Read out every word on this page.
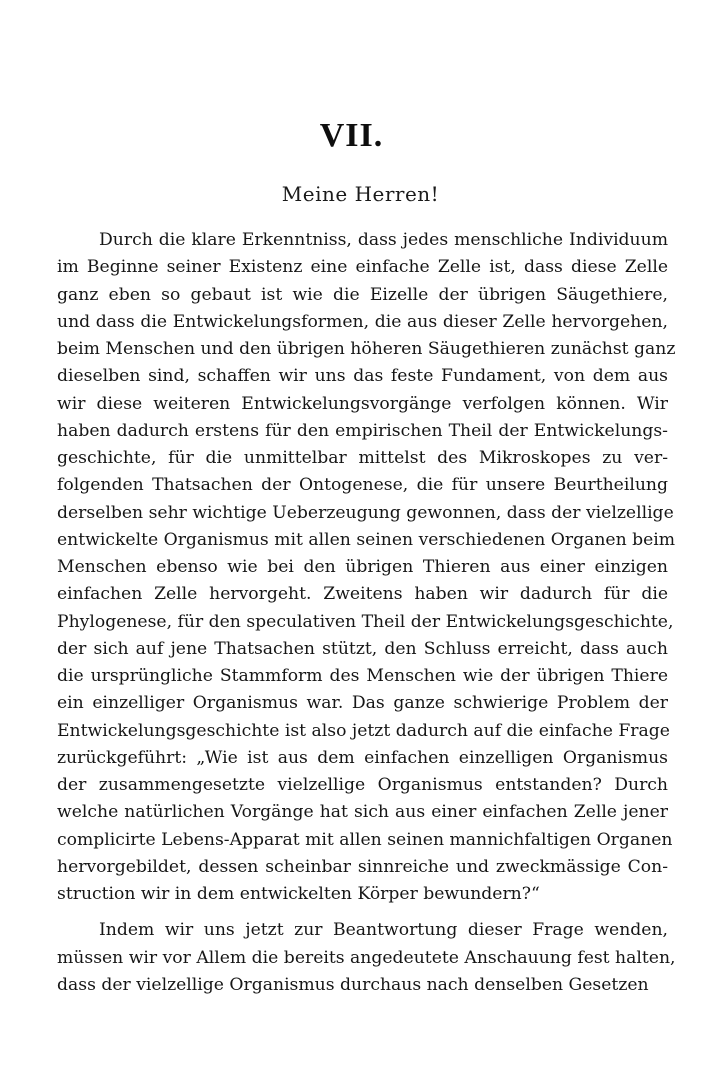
VII.
Meine Herren!
Durch die klare Erkenntniss, dass jedes menschliche Individuum
im Beginne seiner Existenz eine einfache Zelle ist, dass diese Zelle
ganz eben so gebaut ist wie die Eizelle der übrigen Säugethiere,
und dass die Entwickelungsformen, die aus dieser Zelle hervorgehen,
beim Menschen und den übrigen höheren Säugethieren zunächst ganz
dieselben sind, schaffen wir uns das feste Fundament, von dem aus
wir diese weiteren Entwickelungsvorgänge verfolgen können. Wir
haben dadurch erstens für den empirischen Theil der Entwickelungs-
geschichte, für die unmittelbar mittelst des Mikroskopes zu ver-
folgenden Thatsachen der Ontogenese, die für unsere Beurtheilung
derselben sehr wichtige Ueberzeugung gewonnen, dass der vielzellige
entwickelte Organismus mit allen seinen verschiedenen Organen beim
Menschen ebenso wie bei den übrigen Thieren aus einer einzigen
einfachen Zelle hervorgeht. Zweitens haben wir dadurch für die
Phylogenese, für den speculativen Theil der Entwickelungsgeschichte,
der sich auf jene Thatsachen stützt, den Schluss erreicht, dass auch
die ursprüngliche Stammform des Menschen wie der übrigen Thiere
ein einzelliger Organismus war. Das ganze schwierige Problem der
Entwickelungsgeschichte ist also jetzt dadurch auf die einfache Frage
zurückgeführt: „Wie ist aus dem einfachen einzelligen Organismus
der zusammengesetzte vielzellige Organismus entstanden? Durch
welche natürlichen Vorgänge hat sich aus einer einfachen Zelle jener
complicirte Lebens-Apparat mit allen seinen mannichfaltigen Organen
hervorgebildet, dessen scheinbar sinnreiche und zweckmässige Con-
struction wir in dem entwickelten Körper bewundern?“
Indem wir uns jetzt zur Beantwortung dieser Frage wenden,
müssen wir vor Allem die bereits angedeutete Anschauung fest halten,
dass der vielzellige Organismus durchaus nach denselben Gesetzen
